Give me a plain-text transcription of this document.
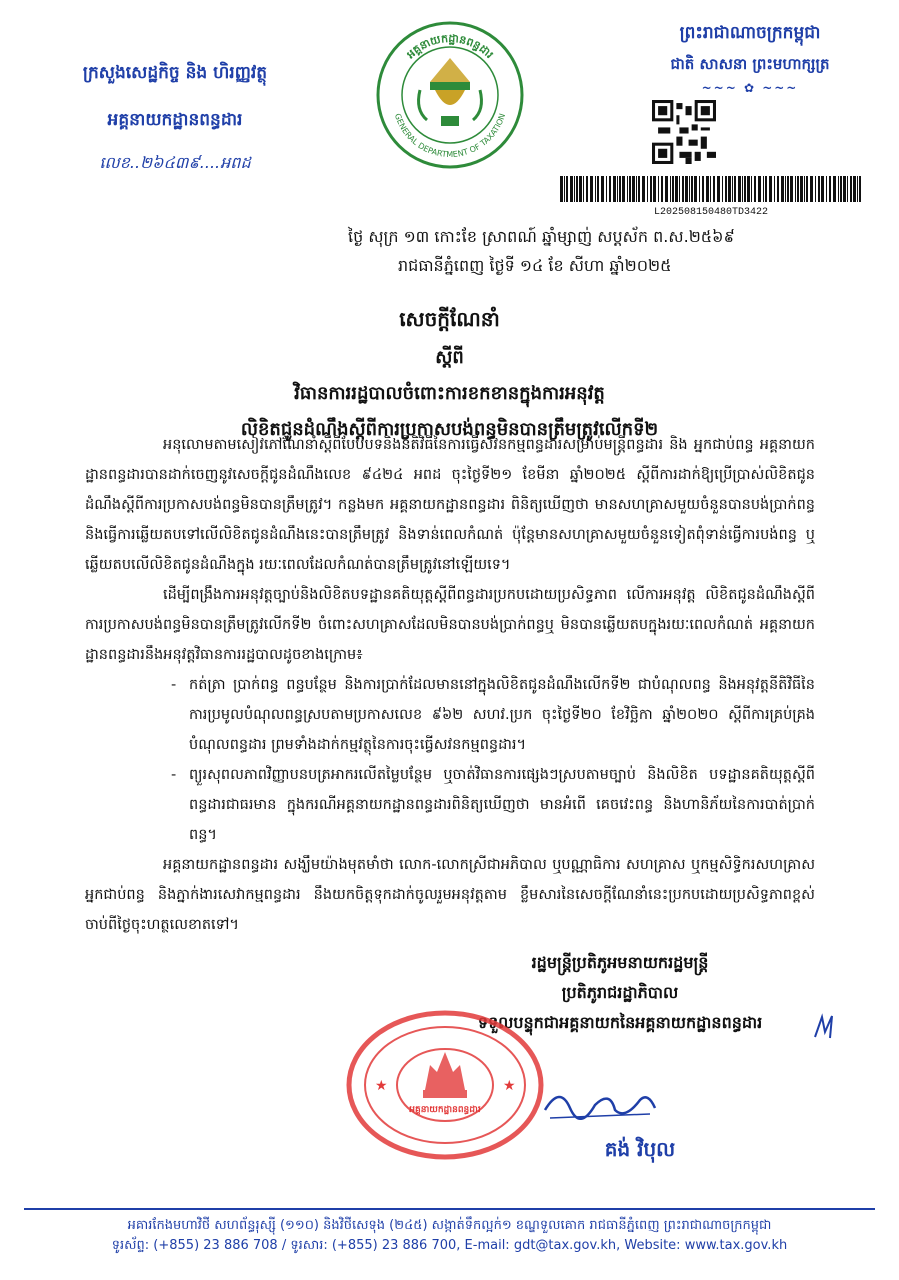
ក្រសួងសេដ្ឋកិច្ច និង ហិរញ្ញវត្ថុ
អគ្គនាយកដ្ឋានពន្ធដារ
លេខ..២៦៤៣៩....អពដ
អគ្គនាយកដ្ឋានពន្ធដារ
GENERAL DEPARTMENT OF TAXATION
ព្រះរាជាណាចក្រកម្ពុជា
ជាតិ សាសនា ព្រះមហាក្សត្រ
~~~ ✿ ~~~
L202508150480TD3422
ថ្ងៃ សុក្រ ១៣ កោះខែ ស្រាពណ៍ ឆ្នាំម្សាញ់ សប្តស័ក ព.ស.២៥៦៩
រាជធានីភ្នំពេញ ថ្ងៃទី ១៤ ខែ សីហា ឆ្នាំ២០២៥
សេចក្តីណែនាំ
ស្តីពី
វិធានការរដ្ឋបាលចំពោះការខកខានក្នុងការអនុវត្ត
លិខិតជូនដំណឹងស្តីពីការប្រកាសបង់ពន្ធមិនបានត្រឹមត្រូវលើកទី២

អនុលោមតាមសៀវភៅណែនាំស្តីពីបែបបទនិងនីតិវិធីនៃការធ្វើសវនកម្មពន្ធដារសម្រាប់មន្ត្រីពន្ធដារ និង អ្នកជាប់ពន្ធ អគ្គនាយកដ្ឋានពន្ធដារបានដាក់ចេញនូវសេចក្តីជូនដំណឹងលេខ ៩៤២៤ អពដ ចុះថ្ងៃទី២១ ខែមីនា ឆ្នាំ២០២៥ ស្តីពីការដាក់ឱ្យប្រើប្រាស់លិខិតជូនដំណឹងស្តីពីការប្រកាសបង់ពន្ធមិនបានត្រឹមត្រូវ។ កន្លងមក អគ្គនាយកដ្ឋានពន្ធដារ ពិនិត្យឃើញថា មានសហគ្រាសមួយចំនួនបានបង់ប្រាក់ពន្ធ និងធ្វើការឆ្លើយតបទៅលើលិខិតជូនដំណឹងនេះបានត្រឹមត្រូវ និងទាន់ពេលកំណត់ ប៉ុន្តែមានសហគ្រាសមួយចំនួនទៀតពុំទាន់ធ្វើការបង់ពន្ធ ឬឆ្លើយតបលើលិខិតជូនដំណឹងក្នុង រយៈពេលដែលកំណត់បានត្រឹមត្រូវនៅឡើយទេ។

ដើម្បីពង្រឹងការអនុវត្តច្បាប់និងលិខិតបទដ្ឋានគតិយុត្តស្តីពីពន្ធដារប្រកបដោយប្រសិទ្ធភាព លើការអនុវត្ត លិខិតជូនដំណឹងស្តីពីការប្រកាសបង់ពន្ធមិនបានត្រឹមត្រូវលើកទី២ ចំពោះសហគ្រាសដែលមិនបានបង់ប្រាក់ពន្ធឬ មិនបានឆ្លើយតបក្នុងរយៈពេលកំណត់ អគ្គនាយកដ្ឋានពន្ធដារនឹងអនុវត្តវិធានការរដ្ឋបាលដូចខាងក្រោម៖

- កត់ត្រា ប្រាក់ពន្ធ ពន្ធបន្ថែម និងការប្រាក់ដែលមាននៅក្នុងលិខិតជូនដំណឹងលើកទី២ ជាបំណុលពន្ធ និងអនុវត្តនីតិវិធីនៃការប្រមូលបំណុលពន្ធស្របតាមប្រកាសលេខ ៩៦២ សហវ.ប្រក ចុះថ្ងៃទី២០ ខែវិច្ឆិកា ឆ្នាំ២០២០ ស្តីពីការគ្រប់គ្រងបំណុលពន្ធដារ ព្រមទាំងដាក់កម្មវត្ថុនៃការចុះធ្វើសវនកម្មពន្ធដារ។

- ព្យួរសុពលភាពវិញ្ញាបនបត្រអាករលើតម្លៃបន្ថែម ឬចាត់វិធានការផ្សេងៗស្របតាមច្បាប់ និងលិខិត បទដ្ឋានគតិយុត្តស្តីពីពន្ធដារជាធរមាន ក្នុងករណីអគ្គនាយកដ្ឋានពន្ធដារពិនិត្យឃើញថា មានអំពើ គេចវេះពន្ធ និងហានិភ័យនៃការបាត់ប្រាក់ពន្ធ។

អគ្គនាយកដ្ឋានពន្ធដារ សង្ឃឹមយ៉ាងមុតមាំថា លោក-លោកស្រីជាអភិបាល ឬបណ្ណាធិការ សហគ្រាស ឬកម្មសិទ្ធិករសហគ្រាស អ្នកជាប់ពន្ធ និងភ្នាក់ងារសេវាកម្មពន្ធដារ នឹងយកចិត្តទុកដាក់ចូលរួមអនុវត្តតាម ខ្លឹមសារនៃសេចក្តីណែនាំនេះប្រកបដោយប្រសិទ្ធភាពខ្ពស់ ចាប់ពីថ្ងៃចុះហត្ថលេខាតទៅ។

រដ្ឋមន្ត្រីប្រតិភូអមនាយករដ្ឋមន្ត្រី
ប្រតិភូរាជរដ្ឋាភិបាល
ទទួលបន្ទុកជាអគ្គនាយកនៃអគ្គនាយកដ្ឋានពន្ធដារ
អគ្គនាយកដ្ឋានពន្ធដារ
★	★
គង់ វិបុល
អគារកែងមហាវិថី សហព័ន្ធរុស្ស៊ី (១១០) និងវិថីសេទុង (២៤៥) សង្កាត់ទឹកល្អក់១ ខណ្ឌទួលគោក រាជធានីភ្នំពេញ ព្រះរាជាណាចក្រកម្ពុជា
ទូរស័ព្ទ: (+855) 23 886 708 / ទូរសារ: (+855) 23 886 700, E-mail: gdt@tax.gov.kh, Website: www.tax.gov.kh
